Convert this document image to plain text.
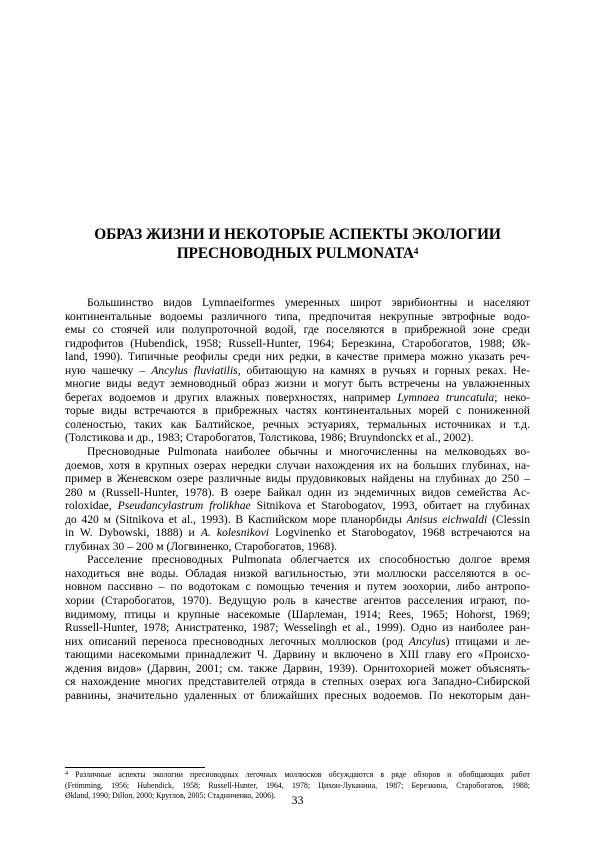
ОБРАЗ ЖИЗНИ И НЕКОТОРЫЕ АСПЕКТЫ ЭКОЛОГИИ
ПРЕСНОВОДНЫХ PULMONATA$^4$
Большинство видов Lymnaeiformes умеренных широт эврибионтны и населяют
континентальные водоемы различного типа, предпочитая некрупные эвтрофные водо-
емы со стоячей или полупроточной водой, где поселяются в прибрежной зоне среди
гидрофитов (Hubendick, 1958; Russell-Hunter, 1964; Березкина, Старобогатов, 1988; Øk-
land, 1990). Типичные реофилы среди них редки, в качестве примера можно указать реч-
ную чашечку – Ancylus fluviatilis, обитающую на камнях в ручьях и горных реках. Не-
многие виды ведут земноводный образ жизни и могут быть встречены на увлажненных
берегах водоемов и других влажных поверхностях, например Lymnaea truncatula; неко-
торые виды встречаются в прибрежных частях континентальных морей с пониженной
соленостью, таких как Балтийское, речных эстуариях, термальных источниках и т.д.
(Толстикова и др., 1983; Старобогатов, Толстикова, 1986; Bruyndonckx et al., 2002).
Пресноводные Pulmonata наиболее обычны и многочисленны на мелководьях во-
доемов, хотя в крупных озерах нередки случаи нахождения их на больших глубинах, на-
пример в Женевском озере различные виды прудовиковых найдены на глубинах до 250 –
280 м (Russell-Hunter, 1978). В озере Байкал один из эндемичных видов семейства Ac-
roloxidae, Pseudancylastrum frolikhae Sitnikova et Starobogatov, 1993, обитает на глубинах
до 420 м (Sitnikova et al., 1993). В Каспийском море планорбиды Anisus eichwaldi (Clessin
in W. Dybowski, 1888) и A. kolesnikovi Logvinenko et Starobogatov, 1968 встречаются на
глубинах 30 – 200 м (Логвиненко, Старобогатов, 1968).
Расселение пресноводных Pulmonata облегчается их способностью долгое время
находиться вне воды. Обладая низкой вагильностью, эти моллюски расселяются в ос-
новном пассивно – по водотокам с помощью течения и путем зоохории, либо антропо-
хории (Старобогатов, 1970). Ведущую роль в качестве агентов расселения играют, по-
видимому, птицы и крупные насекомые (Шарлеман, 1914; Rees, 1965; Hohorst, 1969;
Russell-Hunter, 1978; Анистратенко, 1987; Wesselingh et al., 1999). Одно из наиболее ран-
них описаний переноса пресноводных легочных моллюсков (род Ancylus) птицами и ле-
тающими насекомыми принадлежит Ч. Дарвину и включено в XIII главу его «Происхо-
ждения видов» (Дарвин, 2001; см. также Дарвин, 1939). Орнитохорией может объяснять-
ся нахождение многих представителей отряда в степных озерах юга Западно-Сибирской
равнины, значительно удаленных от ближайших пресных водоемов. По некоторым дан-
$^4$ Различные аспекты экологии пресноводных легочных моллюсков обсуждаются в ряде обзоров и обобщающих работ
(Frömming, 1956; Hubendick, 1958; Russell-Hunter, 1964, 1978; Цихон-Луканина, 1987; Березкина, Старобогатов, 1988;
Økland, 1990; Dillon, 2000; Круглов, 2005; Стадниченко, 2006).	33
